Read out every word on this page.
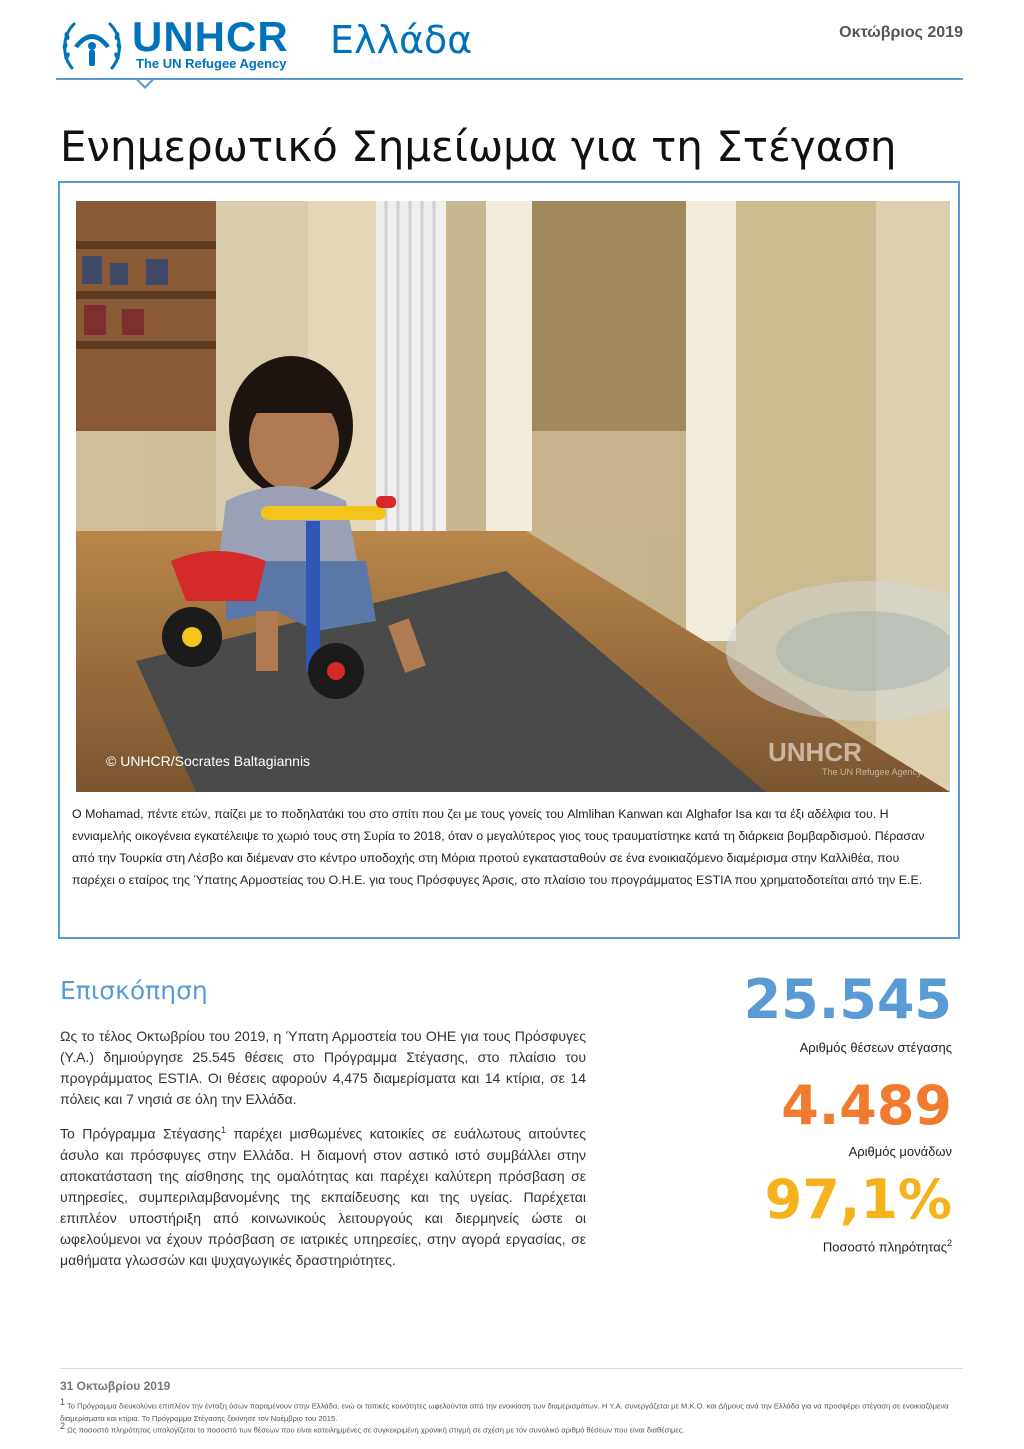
UNHCR
The UN Refugee Agency
Ελλάδα	Οκτώβριος 2019
Ενημερωτικό Σημείωμα για τη Στέγαση
© UNHCR/Socrates Baltagiannis	UNHCR
The UN Refugee Agency
Ο Mohamad, πέντε ετών, παίζει με το ποδηλατάκι του στο σπίτι που ζει με τους γονείς του Almlihan Kanwan και Alghafor Isa και τα έξι αδέλφια του. Η εννιαμελής οικογένεια εγκατέλειψε το χωριό τους στη Συρία το 2018, όταν ο μεγαλύτερος γιος τους τραυματίστηκε κατά τη διάρκεια βομβαρδισμού. Πέρασαν από την Τουρκία στη Λέσβο και διέμεναν στο κέντρο υποδοχής στη Μόρια προτού εγκατασταθούν σε ένα ενοικιαζόμενο διαμέρισμα στην Καλλιθέα, που παρέχει ο εταίρος της Ύπατης Αρμοστείας του Ο.Η.Ε. για τους Πρόσφυγες Άρσις, στο πλαίσιο του προγράμματος ESTIA που χρηματοδοτείται από την Ε.Ε.
Επισκόπηση

Ως το τέλος Οκτωβρίου του 2019, η Ύπατη Αρμοστεία του ΟΗΕ για τους Πρόσφυγες (Υ.Α.) δημιούργησε 25.545 θέσεις στο Πρόγραμμα Στέγασης, στο πλαίσιο του προγράμματος ESTIA. Οι θέσεις αφορούν 4,475 διαμερίσματα και 14 κτίρια, σε 14 πόλεις και 7 νησιά σε όλη την Ελλάδα.

Το Πρόγραμμα Στέγασης$^1$ παρέχει μισθωμένες κατοικίες σε ευάλωτους αιτούντες άσυλο και πρόσφυγες στην Ελλάδα. Η διαμονή στον αστικό ιστό συμβάλλει στην αποκατάσταση της αίσθησης της ομαλότητας και παρέχει καλύτερη πρόσβαση σε υπηρεσίες, συμπεριλαμβανομένης της εκπαίδευσης και της υγείας. Παρέχεται επιπλέον υποστήριξη από κοινωνικούς λειτουργούς και διερμηνείς ώστε οι ωφελούμενοι να έχουν πρόσβαση σε ιατρικές υπηρεσίες, στην αγορά εργασίας, σε μαθήματα γλωσσών και ψυχαγωγικές δραστηριότητες.

25.545
Αριθμός θέσεων στέγασης
4.489
Αριθμός μονάδων
97,1%
Ποσοστό πληρότητας$^2$
31 Οκτωβρίου 2019

$^1$ Το Πρόγραμμα διευκολύνει επιπλέον την ένταξη όσων παραμένουν στην Ελλάδα, ενώ οι τοπικές κοινότητες ωφελούνται από την ενοικίαση των διαμερισμάτων. Η Υ.Α. συνεργάζεται με Μ.Κ.Ο. και Δήμους ανά την Ελλάδα για να προσφέρει στέγαση σε ενοικιαζόμενα διαμερίσματα και κτίρια. Το Πρόγραμμα Στέγασης ξεκίνησε τον Νοέμβριο του 2015.

$^2$ Ως ποσοστό πληρότητας υπολογίζεται το ποσοστό των θέσεων που είναι κατειλημμένες σε συγκεκριμένη χρονική στιγμή σε σχέση με τον συνολικό αριθμό θέσεων που είναι διαθέσιμες.
